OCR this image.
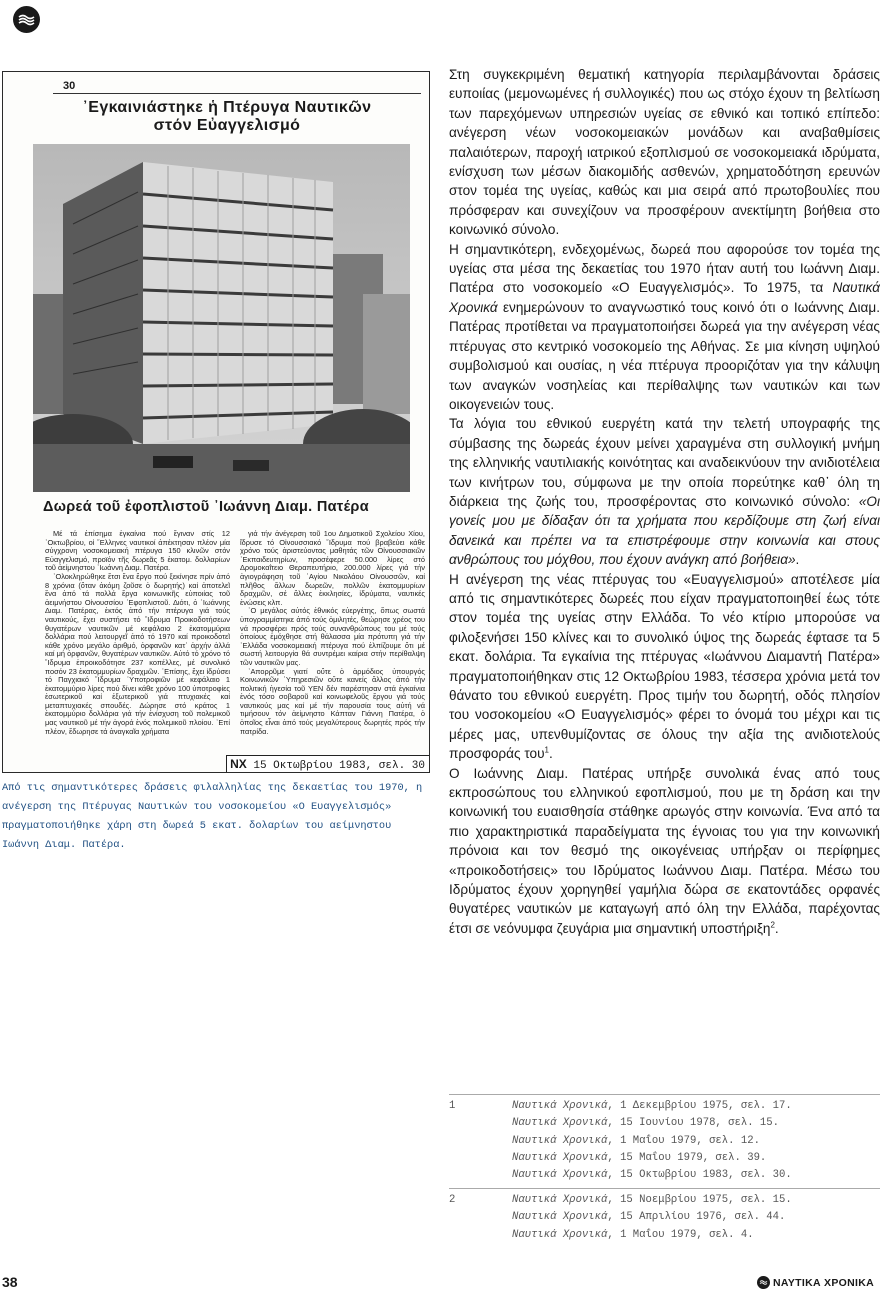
30
᾿Εγκαινιάστηκε ἡ Πτέρυγα Ναυτικῶν
στόν Εὐαγγελισμό
Δωρεά τοῦ ἐφοπλιστοῦ ᾿Ιωάννη Διαμ. Πατέρα

Μέ τά ἐπίσημα ἐγκαίνια πού ἔγιναν στίς 12 ᾿Οκτωβρίου, οἱ ῞Ελληνες ναυτικοί ἀπέκτησαν πλέον μία σύγχρονη νοσοκομειακή πτέρυγα 150 κλινῶν στόν Εὐαγγελισμό, προϊόν τῆς δωρεᾶς 5 ἑκατομ. δολλαρίων τοῦ ἀείμνηστου ᾿Ιωάννη Διαμ. Πατέρα.

᾿Ολοκληρώθηκε ἔτσι ἕνα ἔργο πού ξεκίνησε πρίν ἀπό 8 χρόνια (ὅταν ἀκόμη ζοῦσε ὁ δωρητής) καί ἀποτελεῖ ἕνα ἀπό τά πολλά ἔργα κοινωνικῆς εὐποιίας τοῦ ἀειμνήστου Οἰνουσσίου ᾿Εφοπλιστοῦ. Διότι, ὁ ᾿Ιωάννης Διαμ. Πατέρας, ἐκτός ἀπό τήν πτέρυγα γιά τούς ναυτικούς, ἔχει συστήσει τό ῎Ιδρυμα Προικοδοτήσεων θυγατέρων ναυτικῶν μέ κεφάλαιο 2 ἑκατομμύρια δολλάρια πού λειτουργεῖ ἀπό τό 1970 καί προικοδοτεῖ κάθε χρόνο μεγάλο ἀριθμό, ὀρφανῶν κατ᾿ ἀρχήν ἀλλά καί μή ὀρφανῶν, θυγατέρων ναυτικῶν. Αὐτό τό χρόνο τό ῎Ιδρυμα ἐπροικοδότησε 237 κοπέλλες, μέ συνολικό ποσόν 23 ἑκατομμυρίων δραχμῶν. ᾿Επίσης, ἔχει ἱδρύσει τό Παγχιακό ῎Ιδρυμα ῾Υποτροφιῶν μέ κεφάλαιο 1 ἑκατομμύριο λίρες πού δίνει κάθε χρόνο 100 ὑποτροφίες ἐσωτερικοῦ καί ἐξωτερικοῦ γιά πτυχιακές καί μεταπτυχιακές σπουδές. Δώρησε στό κράτος 1 ἑκατομμύριο δολλάρια γιά τήν ἐνίσχυση τοῦ πολεμικοῦ μας ναυτικοῦ μέ τήν ἀγορά ἑνός πολεμικοῦ πλοίου. ᾿Επί πλέον, ἔδωρησε τά ἀναγκαῖα χρήματα

γιά τήν ἀνέγερση τοῦ 1ου Δημοτικοῦ Σχολείου Χίου, ἵδρυσε τό Οἰνουσσιακό ῎Ιδρυμα πού βραβεύει κάθε χρόνο τούς ἀριστεύοντας μαθητάς τῶν Οἰνουσσιακῶν ᾿Εκπαιδευτηρίων, προσέφερε 50.000 λίρες στό Δρομοκαΐτειο Θεραπευτήριο, 200.000 λίρες γιά τήν ἁγιογράφηση τοῦ ῾Αγίου Νικολάου Οἰνουσσῶν, καί πλῆθος ἄλλων δωρεῶν, πολλῶν ἑκατομμυρίων δραχμῶν, σέ ἄλλες ἐκκλησίες, ἱδρύματα, ναυτικές ἑνώσεις κλπ.

῾Ο μεγάλος αὐτός ἐθνικός εὐεργέτης, ὅπως σωστά ὑπογραμμίστηκε ἀπό τούς ὁμιλητές, θεώρησε χρέος του νά προσφέρει πρός τούς συνανθρώπους του μέ τούς ὁποίους ἐμόχθησε στή θάλασσα μία πρότυπη γιά τήν ῾Ελλάδα νοσοκομειακή πτέρυγα πού ἐλπίζουμε ὅτι μέ σωστή λειτουργία θά συντρέμει καίρια στήν περίθαλψη τῶν ναυτικῶν μας.

᾿Απορρῦμε γιατί οὔτε ὁ ἁρμόδιος ὑπουργός Κοινωνικῶν ῾Υπηρεσιῶν οὔτε κανείς ἄλλος ἀπό τήν πολιτική ἡγεσία τοῦ ΥΕΝ δέν παρέστησαν στά ἐγκαίνια ἑνός τόσο σοβαροῦ καί κοινωφελοῦς ἔργου γιά τούς ναυτικούς μας καί μέ τήν παρουσία τους αὐτή νά τιμήσουν τόν ἀείμνηστο Κάπταν Γιάννη Πατέρα, ὁ ὁποῖος εἶναι ἀπό τούς μεγαλύτερους δωρητές πρός τήν πατρίδα.

ΝΧ 15 Οκτωβρίου 1983, σελ. 30
Από τις σημαντικότερες δράσεις φιλαλληλίας της δεκαετίας του 1970, η ανέγερση της Πτέρυγας Ναυτικών του νοσοκομείου «Ο Ευαγγελισμός» πραγματοποιήθηκε χάρη στη δωρεά 5 εκατ. δολαρίων του αείμνηστου Ιωάννη Διαμ. Πατέρα.

Στη συγκεκριμένη θεματική κατηγορία περιλαμβάνονται δράσεις ευποιίας (μεμονωμένες ή συλλογικές) που ως στόχο έχουν τη βελτίωση των παρεχόμενων υπηρεσιών υγείας σε εθνικό και τοπικό επίπεδο: ανέγερση νέων νοσοκομειακών μονάδων και αναβαθμίσεις παλαιότερων, παροχή ιατρικού εξοπλισμού σε νοσοκομειακά ιδρύματα, ενίσχυση των μέσων διακομιδής ασθενών, χρηματοδότηση ερευνών στον τομέα της υγείας, καθώς και μια σειρά από πρωτοβουλίες που πρόσφεραν και συνεχίζουν να προσφέρουν ανεκτίμητη βοήθεια στο κοινωνικό σύνολο.

Η σημαντικότερη, ενδεχομένως, δωρεά που αφορούσε τον τομέα της υγείας στα μέσα της δεκαετίας του 1970 ήταν αυτή του Ιωάννη Διαμ. Πατέρα στο νοσοκομείο «Ο Ευαγγελισμός». Το 1975, τα Ναυτικά Χρονικά ενημερώνουν το αναγνωστικό τους κοινό ότι ο Ιωάννης Διαμ. Πατέρας προτίθεται να πραγματοποιήσει δωρεά για την ανέγερση νέας πτέρυγας στο κεντρικό νοσοκομείο της Αθήνας. Σε μια κίνηση υψηλού συμβολισμού και ουσίας, η νέα πτέρυγα προοριζόταν για την κάλυψη των αναγκών νοσηλείας και περίθαλψης των ναυτικών και των οικογενειών τους.

Τα λόγια του εθνικού ευεργέτη κατά την τελετή υπογραφής της σύμβασης της δωρεάς έχουν μείνει χαραγμένα στη συλλογική μνήμη της ελληνικής ναυτιλιακής κοινότητας και αναδεικνύουν την ανιδιοτέλεια των κινήτρων του, σύμφωνα με την οποία πορεύτηκε καθ᾿ όλη τη διάρκεια της ζωής του, προσφέροντας στο κοινωνικό σύνολο: «Οι γονείς μου με δίδαξαν ότι τα χρήματα που κερδίζουμε στη ζωή είναι δανεικά και πρέπει να τα επιστρέφουμε στην κοινωνία και στους ανθρώπους του μόχθου, που έχουν ανάγκη από βοήθεια».

Η ανέγερση της νέας πτέρυγας του «Ευαγγελισμού» αποτέλεσε μία από τις σημαντικότερες δωρεές που είχαν πραγματοποιηθεί έως τότε στον τομέα της υγείας στην Ελλάδα. Το νέο κτίριο μπορούσε να φιλοξενήσει 150 κλίνες και το συνολικό ύψος της δωρεάς έφτασε τα 5 εκατ. δολάρια. Τα εγκαίνια της πτέρυγας «Ιωάννου Διαμαντή Πατέρα» πραγματοποιήθηκαν στις 12 Οκτωβρίου 1983, τέσσερα χρόνια μετά τον θάνατο του εθνικού ευεργέτη. Προς τιμήν του δωρητή, οδός πλησίον του νοσοκομείου «Ο Ευαγγελισμός» φέρει το όνομά του μέχρι και τις μέρες μας, υπενθυμίζοντας σε όλους την αξία της ανιδιοτελούς προσφοράς του$^1$.

Ο Ιωάννης Διαμ. Πατέρας υπήρξε συνολικά ένας από τους εκπροσώπους του ελληνικού εφοπλισμού, που με τη δράση και την κοινωνική του ευαισθησία στάθηκε αρωγός στην κοινωνία. Ένα από τα πιο χαρακτηριστικά παραδείγματα της έγνοιας του για την κοινωνική πρόνοια και τον θεσμό της οικογένειας υπήρξαν οι περίφημες «προικοδοτήσεις» του Ιδρύματος Ιωάννου Διαμ. Πατέρα. Μέσω του Ιδρύματος έχουν χορηγηθεί γαμήλια δώρα σε εκατοντάδες ορφανές θυγατέρες ναυτικών με καταγωγή από όλη την Ελλάδα, παρέχοντας έτσι σε νεόνυμφα ζευγάρια μια σημαντική υποστήριξη$^2$.

1	Ναυτικά Χρονικά, 1 Δεκεμβρίου 1975, σελ. 17.
Ναυτικά Χρονικά, 15 Ιουνίου 1978, σελ. 15.
Ναυτικά Χρονικά, 1 Μαΐου 1979, σελ. 12.
Ναυτικά Χρονικά, 15 Μαΐου 1979, σελ. 39.
Ναυτικά Χρονικά, 15 Οκτωβρίου 1983, σελ. 30.
2	Ναυτικά Χρονικά, 15 Νοεμβρίου 1975, σελ. 15.
Ναυτικά Χρονικά, 15 Απριλίου 1976, σελ. 44.
Ναυτικά Χρονικά, 1 Μαΐου 1979, σελ. 4.
38	ΝΑΥΤΙΚΑ ΧΡΟΝΙΚΑ
